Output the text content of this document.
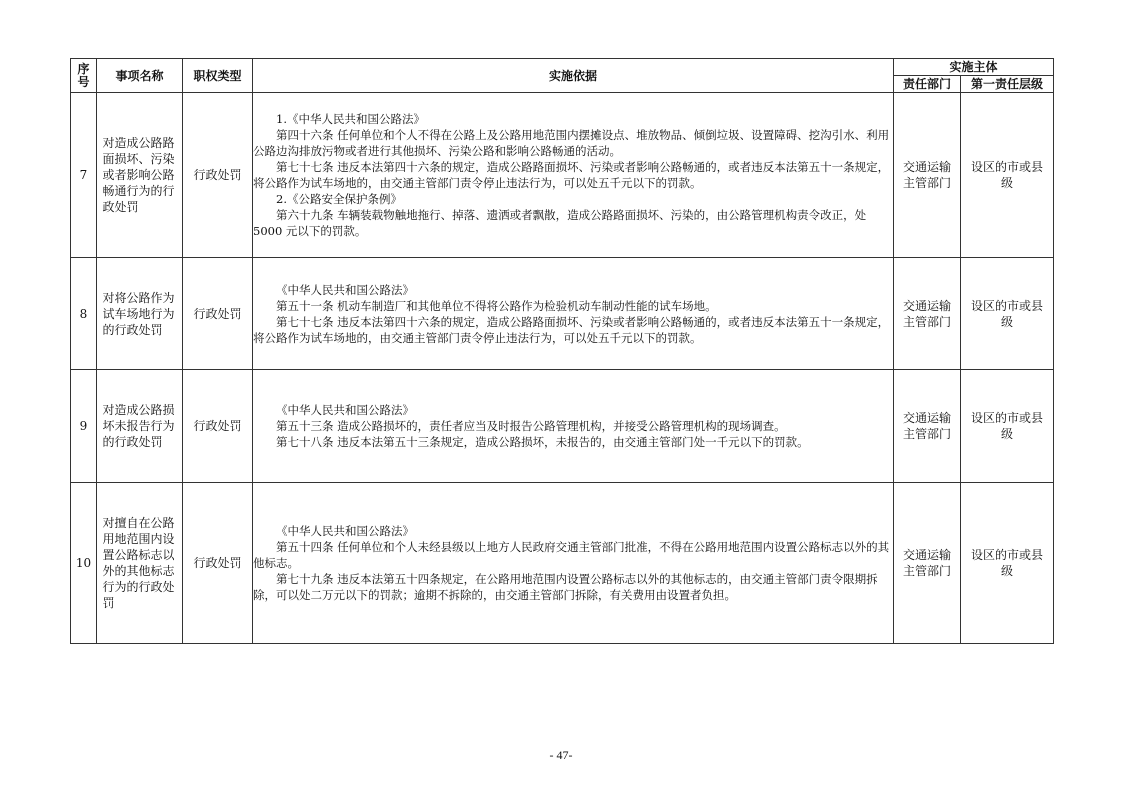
序号	事项名称	职权类型	实施依据	实施主体	
				责任部门	第一责任层级
7	对造成公路路面损坏、污染或者影响公路畅通行为的行政处罚	行政处罚	1.《中华人民共和国公路法》

第四十六条 任何单位和个人不得在公路上及公路用地范围内摆摊设点、堆放物品、倾倒垃圾、设置障碍、挖沟引水、利用公路边沟排放污物或者进行其他损坏、污染公路和影响公路畅通的活动。

第七十七条 违反本法第四十六条的规定，造成公路路面损坏、污染或者影响公路畅通的，或者违反本法第五十一条规定，将公路作为试车场地的，由交通主管部门责令停止违法行为，可以处五千元以下的罚款。

2.《公路安全保护条例》

第六十九条 车辆装载物触地拖行、掉落、遗洒或者飘散，造成公路路面损坏、污染的，由公路管理机构责令改正，处 5000 元以下的罚款。	交通运输主管部门	设区的市或县级
8	对将公路作为试车场地行为的行政处罚	行政处罚	《中华人民共和国公路法》

第五十一条 机动车制造厂和其他单位不得将公路作为检验机动车制动性能的试车场地。

第七十七条 违反本法第四十六条的规定，造成公路路面损坏、污染或者影响公路畅通的，或者违反本法第五十一条规定，将公路作为试车场地的，由交通主管部门责令停止违法行为，可以处五千元以下的罚款。	交通运输主管部门	设区的市或县级
9	对造成公路损坏未报告行为的行政处罚	行政处罚	《中华人民共和国公路法》

第五十三条 造成公路损坏的，责任者应当及时报告公路管理机构，并接受公路管理机构的现场调查。

第七十八条 违反本法第五十三条规定，造成公路损坏，未报告的，由交通主管部门处一千元以下的罚款。	交通运输主管部门	设区的市或县级
10	对擅自在公路用地范围内设置公路标志以外的其他标志行为的行政处罚	行政处罚	《中华人民共和国公路法》

第五十四条 任何单位和个人未经县级以上地方人民政府交通主管部门批准，不得在公路用地范围内设置公路标志以外的其他标志。

第七十九条 违反本法第五十四条规定，在公路用地范围内设置公路标志以外的其他标志的，由交通主管部门责令限期拆除，可以处二万元以下的罚款；逾期不拆除的，由交通主管部门拆除，有关费用由设置者负担。	交通运输主管部门	设区的市或县级
- 47-
